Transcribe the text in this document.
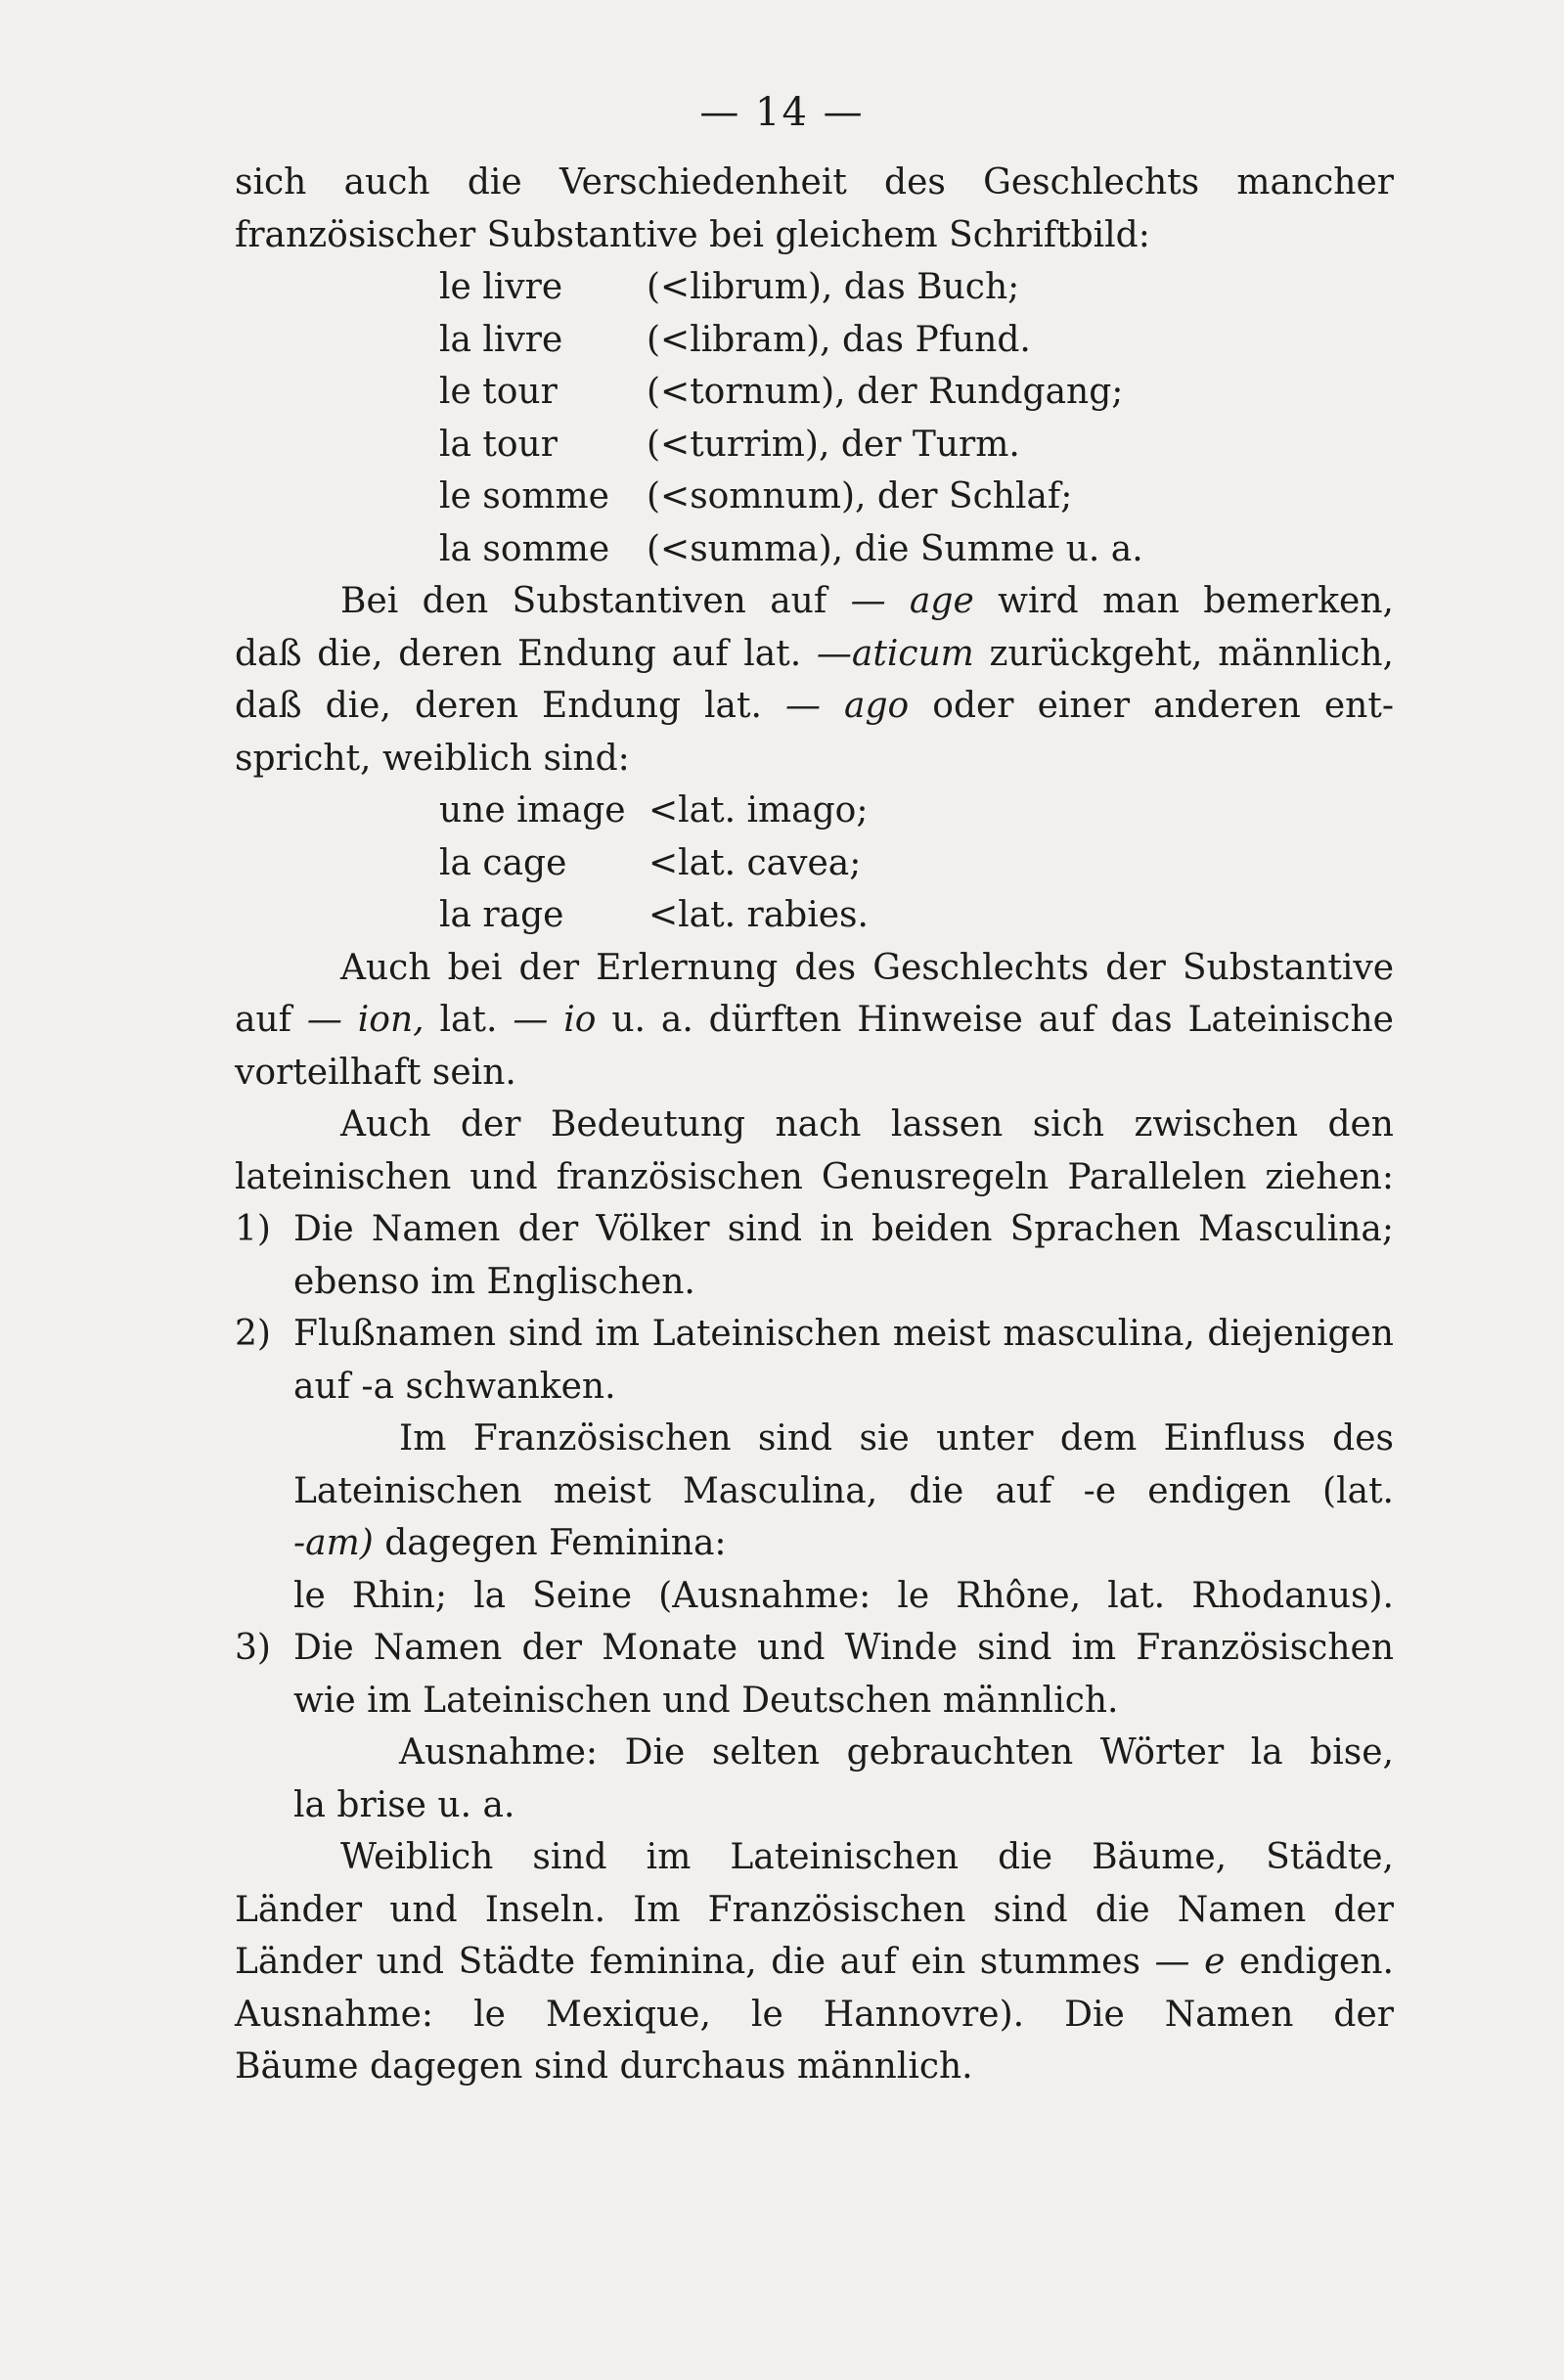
— 14 —
sich auch die Verschiedenheit des Geschlechts mancher
französischer Substantive bei gleichem Schriftbild:
le livre (<librum), das Buch;
la livre (<libram), das Pfund.
le tour	(<tornum), der Rundgang;
la tour	(<turrim), der Turm.
le somme (<somnum), der Schlaf;
la somme (<summa), die Summe u. a.
Bei den Substantiven auf — age wird man bemerken,
daß die, deren Endung auf lat. —aticum zurückgeht, männlich,
daß die, deren Endung lat. — ago oder einer anderen ent-
spricht, weiblich sind:
une image <lat. imago;
la cage <lat. cavea;
la rage <lat. rabies.
Auch bei der Erlernung des Geschlechts der Substantive
auf — ion, lat. — io u. a. dürften Hinweise auf das Lateinische
vorteilhaft sein.
Auch der Bedeutung nach lassen sich zwischen den
lateinischen und französischen Genusregeln Parallelen ziehen:
1) Die Namen der Völker sind in beiden Sprachen Masculina;
ebenso im Englischen.
2) Flußnamen sind im Lateinischen meist masculina, diejenigen
auf -a schwanken.
Im Französischen sind sie unter dem Einfluss des
Lateinischen meist Masculina, die auf -e endigen (lat.
-am) dagegen Feminina:
le Rhin; la Seine (Ausnahme: le Rhône, lat. Rhodanus).
3) Die Namen der Monate und Winde sind im Französischen
wie im Lateinischen und Deutschen männlich.
Ausnahme: Die selten gebrauchten Wörter la bise,
la brise u. a.
Weiblich sind im Lateinischen die Bäume, Städte,
Länder und Inseln. Im Französischen sind die Namen der
Länder und Städte feminina, die auf ein stummes — e endigen.
Ausnahme: le Mexique, le Hannovre). Die Namen der
Bäume dagegen sind durchaus männlich.
